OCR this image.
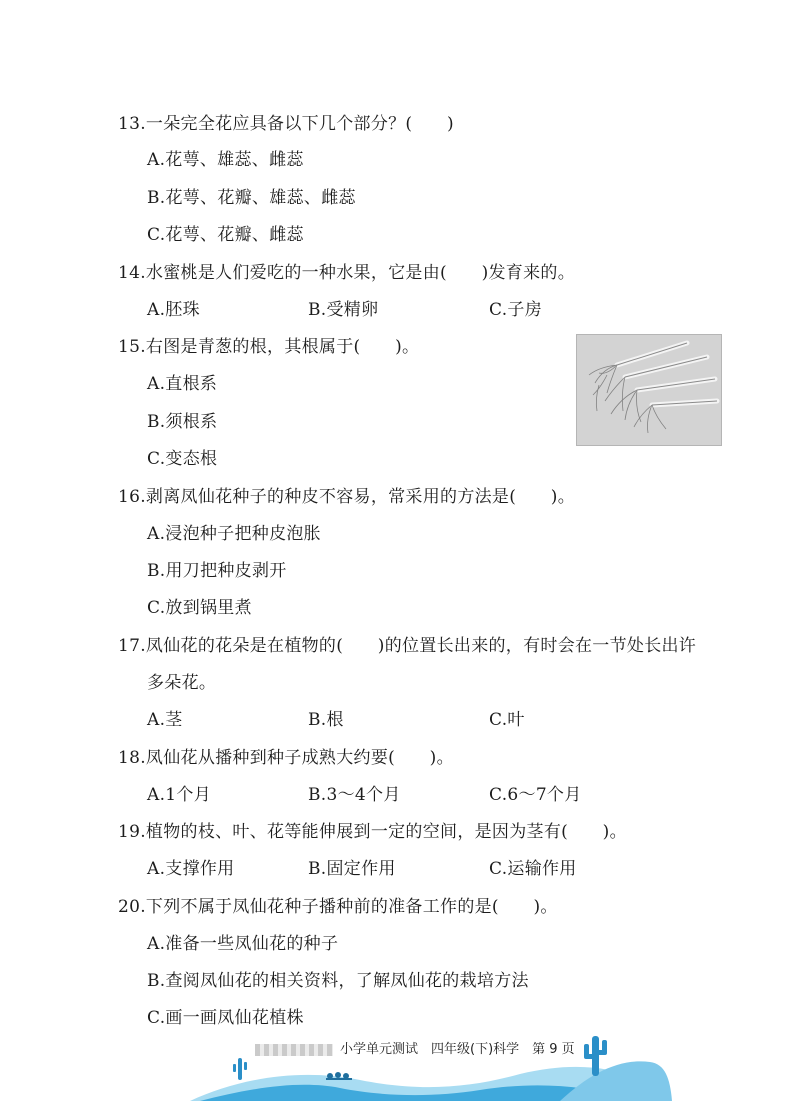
13.一朵完全花应具备以下几个部分？(　　)
A.花萼、雄蕊、雌蕊
B.花萼、花瓣、雄蕊、雌蕊
C.花萼、花瓣、雌蕊
14.水蜜桃是人们爱吃的一种水果，它是由(　　)发育来的。
A.胚珠	B.受精卵	C.子房
15.右图是青葱的根，其根属于(　　)。
A.直根系
B.须根系
C.变态根
16.剥离凤仙花种子的种皮不容易，常采用的方法是(　　)。
A.浸泡种子把种皮泡胀
B.用刀把种皮剥开
C.放到锅里煮
17.凤仙花的花朵是在植物的(　　)的位置长出来的，有时会在一节处长出许
多朵花。
A.茎	B.根	C.叶
18.凤仙花从播种到种子成熟大约要(　　)。
A.1个月	B.3～4个月	C.6～7个月
19.植物的枝、叶、花等能伸展到一定的空间，是因为茎有(　　)。
A.支撑作用	B.固定作用	C.运输作用
20.下列不属于凤仙花种子播种前的准备工作的是(　　)。
A.准备一些凤仙花的种子
B.查阅凤仙花的相关资料，了解凤仙花的栽培方法
C.画一画凤仙花植株
小学单元测试　四年级(下)科学　第 9 页
